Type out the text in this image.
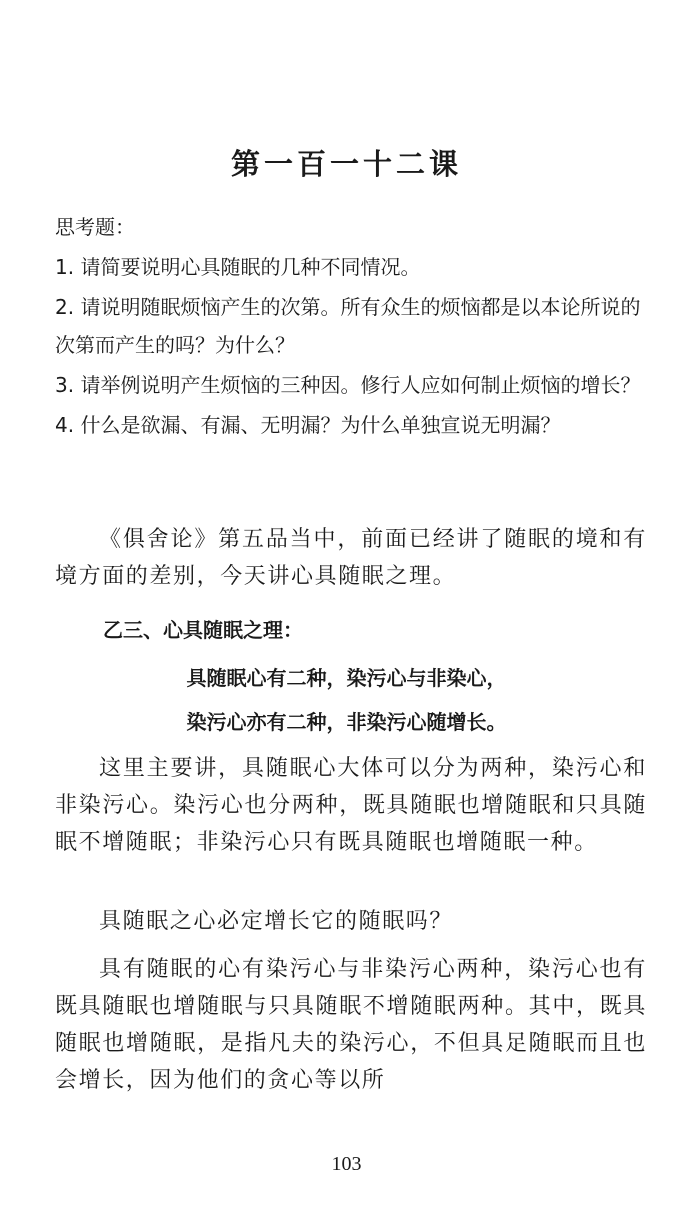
第一百一十二课

思考题：

1. 请简要说明心具随眠的几种不同情况。

2. 请说明随眠烦恼产生的次第。所有众生的烦恼都是以本论所说的次第而产生的吗？为什么？

3. 请举例说明产生烦恼的三种因。修行人应如何制止烦恼的增长？

4. 什么是欲漏、有漏、无明漏？为什么单独宣说无明漏？

《俱舍论》第五品当中，前面已经讲了随眠的境和有境方面的差别，今天讲心具随眠之理。

乙三、心具随眠之理：
具随眠心有二种，染污心与非染心，
染污心亦有二种，非染污心随增长。

这里主要讲，具随眠心大体可以分为两种，染污心和非染污心。染污心也分两种，既具随眠也增随眠和只具随眠不增随眠；非染污心只有既具随眠也增随眠一种。

具随眠之心必定增长它的随眠吗？

具有随眠的心有染污心与非染污心两种，染污心也有既具随眠也增随眠与只具随眠不增随眠两种。其中，既具随眠也增随眠，是指凡夫的染污心，不但具足随眠而且也会增长，因为他们的贪心等以所

103
